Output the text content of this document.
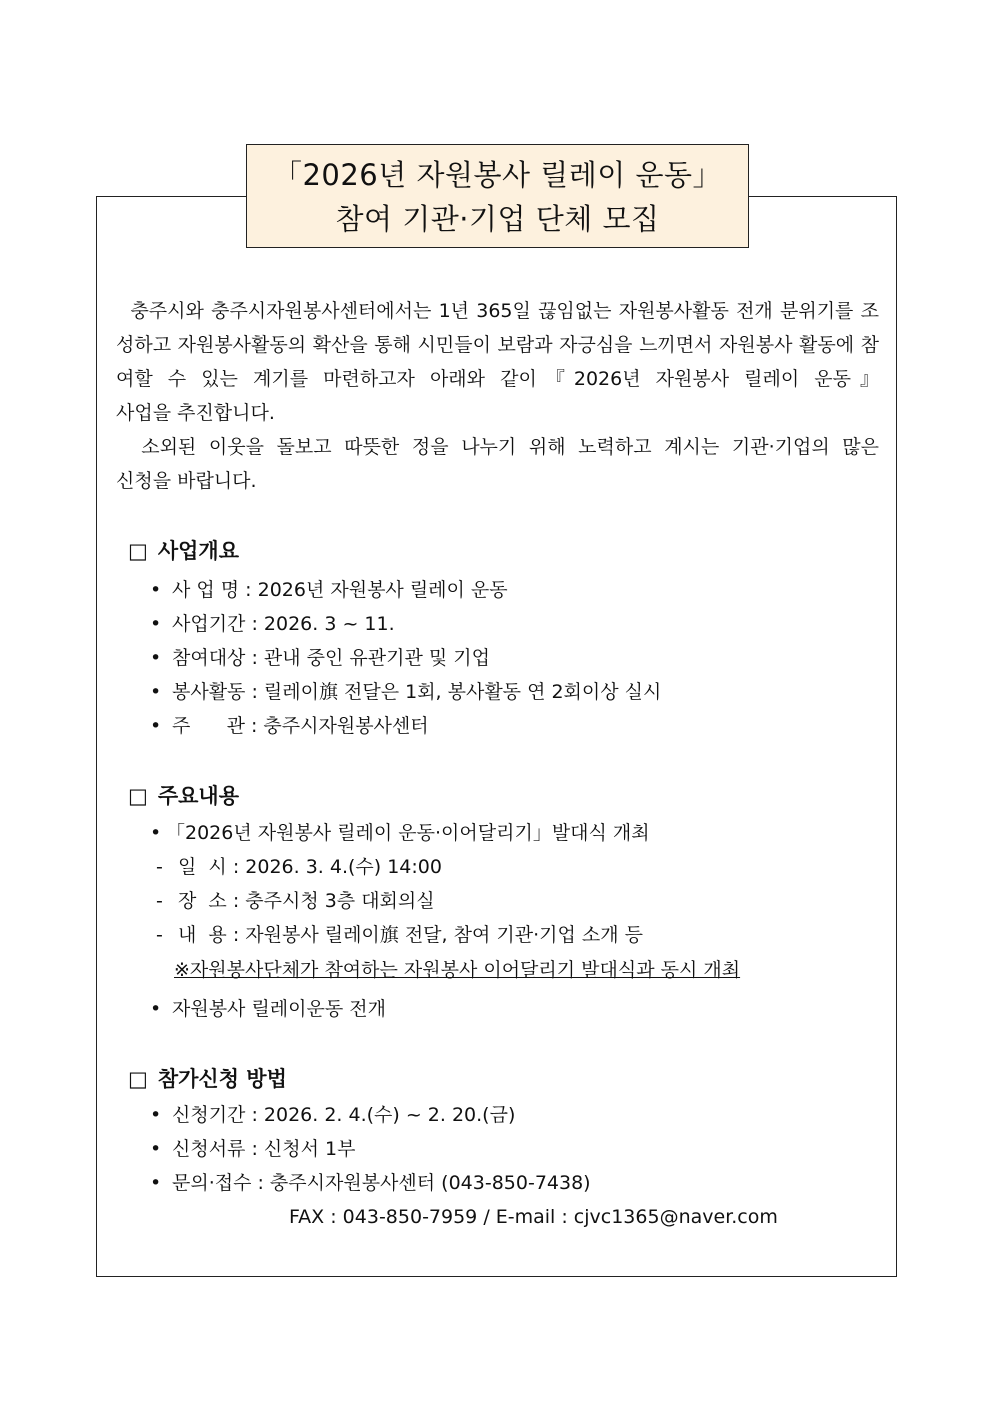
「2026년 자원봉사 릴레이 운동」
참여 기관·기업 단체 모집

충주시와 충주시자원봉사센터에서는 1년 365일 끊임없는 자원봉사활동 전개 분위기를 조성하고 자원봉사활동의 확산을 통해 시민들이 보람과 자긍심을 느끼면서 자원봉사 활동에 참여할 수 있는 계기를 마련하고자 아래와 같이『2026년 자원봉사 릴레이 운동』

사업을 추진합니다.

소외된 이웃을 돌보고 따뜻한 정을 나누기 위해 노력하고 계시는 기관·기업의 많은

신청을 바랍니다.

□ 사업개요
• 사 업 명 : 2026년 자원봉사 릴레이 운동
• 사업기간 : 2026. 3 ~ 11.
• 참여대상 : 관내 중인 유관기관 및 기업
• 봉사활동 : 릴레이旗 전달은 1회, 봉사활동 연 2회이상 실시
• 주      관 : 충주시자원봉사센터
□ 주요내용
• 「2026년 자원봉사 릴레이 운동·이어달리기」발대식 개최
- 일  시 : 2026. 3. 4.(수) 14:00
- 장  소 : 충주시청 3층 대회의실
- 내  용 : 자원봉사 릴레이旗 전달, 참여 기관·기업 소개 등
※자원봉사단체가 참여하는 자원봉사 이어달리기 발대식과 동시 개최
• 자원봉사 릴레이운동 전개
□ 참가신청 방법
• 신청기간 : 2026. 2. 4.(수) ~ 2. 20.(금)
• 신청서류 : 신청서 1부
• 문의·접수 : 충주시자원봉사센터 (043-850-7438)
FAX : 043-850-7959 / E-mail : cjvc1365@naver.com
